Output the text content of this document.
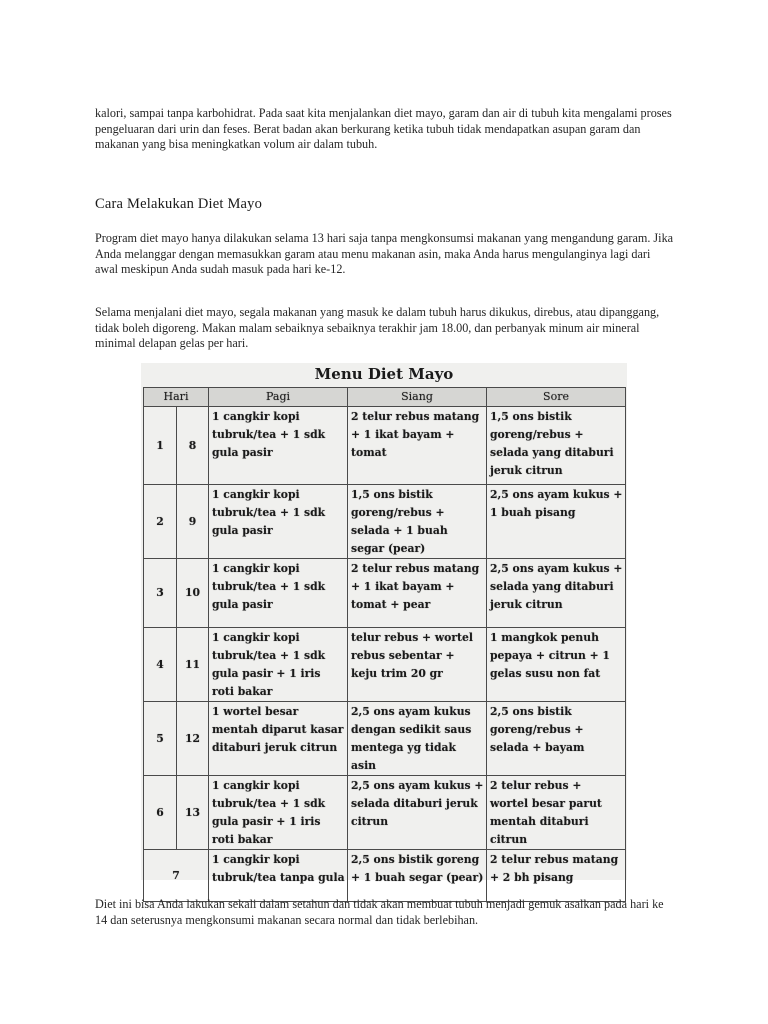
kalori, sampai tanpa karbohidrat. Pada saat kita menjalankan diet mayo, garam dan air di tubuh kita mengalami proses pengeluaran dari urin dan feses. Berat badan akan berkurang ketika tubuh tidak mendapatkan asupan garam dan makanan yang bisa meningkatkan volum air dalam tubuh.

Cara Melakukan Diet Mayo

Program diet mayo hanya dilakukan selama 13 hari saja tanpa mengkonsumsi makanan yang mengandung garam. Jika Anda melanggar dengan memasukkan garam atau menu makanan asin, maka Anda harus mengulanginya lagi dari awal meskipun Anda sudah masuk pada hari ke-12.

Selama menjalani diet mayo, segala makanan yang masuk ke dalam tubuh harus dikukus, direbus, atau dipanggang, tidak boleh digoreng. Makan malam sebaiknya sebaiknya terakhir jam 18.00, dan perbanyak minum air mineral minimal delapan gelas per hari.

Menu Diet Mayo
Hari		Pagi	Siang	Sore
1	8	1 cangkir kopi tubruk/tea + 1 sdk gula pasir	2 telur rebus matang + 1 ikat bayam + tomat	1,5 ons bistik goreng/rebus + selada yang ditaburi jeruk citrun
2	9	1 cangkir kopi tubruk/tea + 1 sdk gula pasir	1,5 ons bistik goreng/rebus + selada + 1 buah segar (pear)	2,5 ons ayam kukus + 1 buah pisang
3	10	1 cangkir kopi tubruk/tea + 1 sdk gula pasir	2 telur rebus matang + 1 ikat bayam + tomat + pear	2,5 ons ayam kukus + selada yang ditaburi jeruk citrun
4	11	1 cangkir kopi tubruk/tea + 1 sdk gula pasir + 1 iris roti bakar	telur rebus + wortel rebus sebentar + keju trim 20 gr	1 mangkok penuh pepaya + citrun + 1 gelas susu non fat
5	12	1 wortel besar mentah diparut kasar ditaburi jeruk citrun	2,5 ons ayam kukus dengan sedikit saus mentega yg tidak asin	2,5 ons bistik goreng/rebus + selada + bayam
6	13	1 cangkir kopi tubruk/tea + 1 sdk gula pasir + 1 iris roti bakar	2,5 ons ayam kukus + selada ditaburi jeruk citrun	2 telur rebus + wortel besar parut mentah ditaburi citrun
7		1 cangkir kopi tubruk/tea tanpa gula	2,5 ons bistik goreng + 1 buah segar (pear)	2 telur rebus matang + 2 bh pisang

Diet ini bisa Anda lakukan sekali dalam setahun dan tidak akan membuat tubuh menjadi gemuk asalkan pada hari ke 14 dan seterusnya mengkonsumi makanan secara normal dan tidak berlebihan.
